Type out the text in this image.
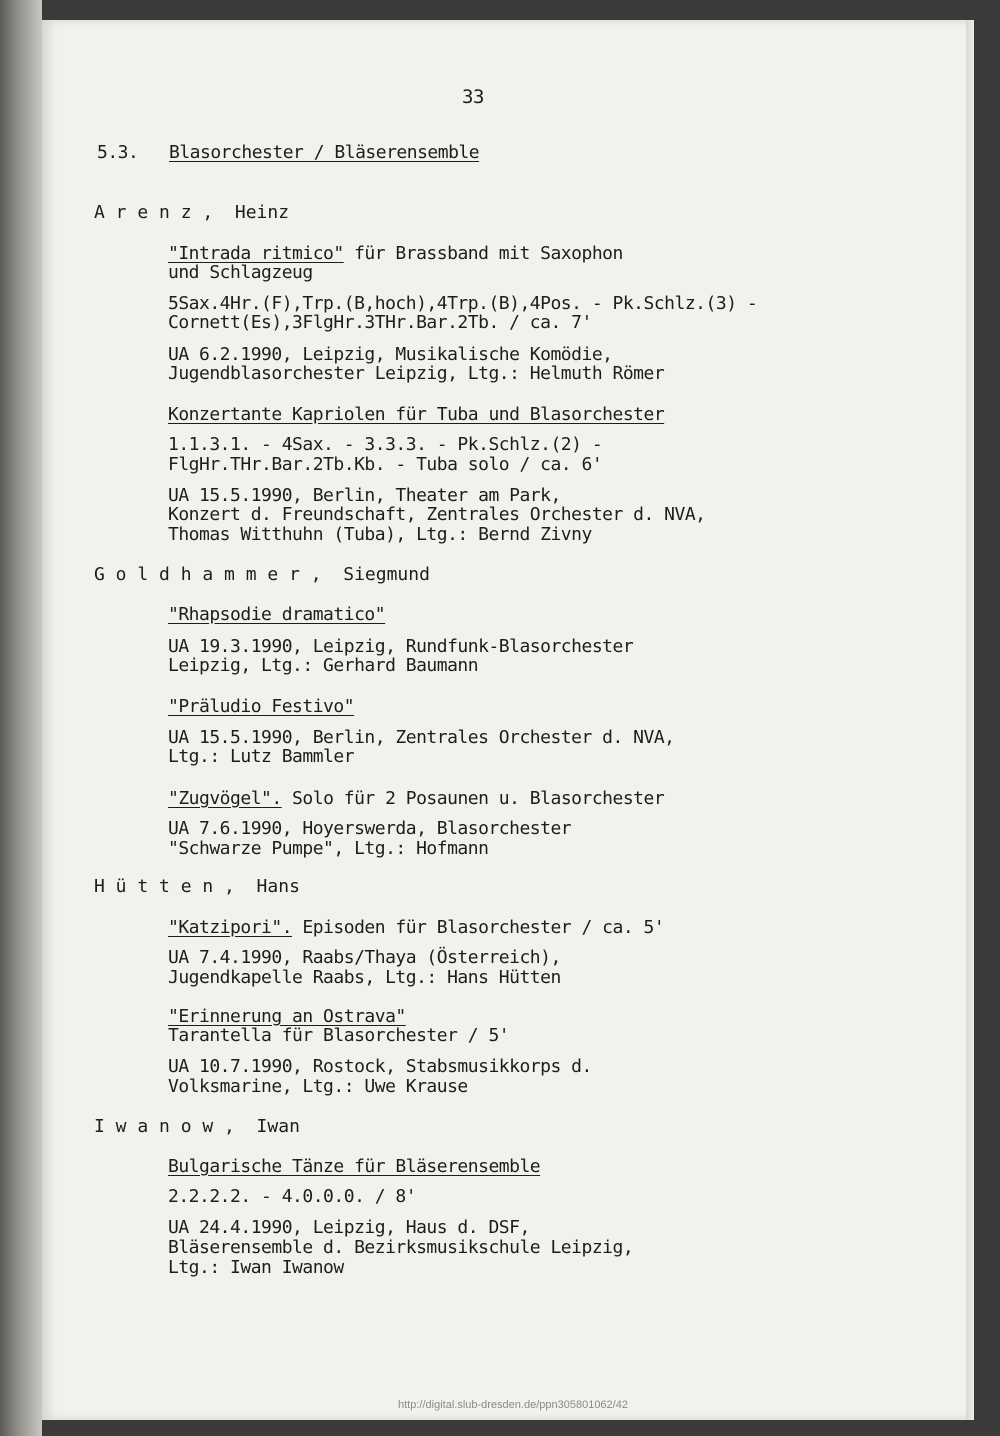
33
5.3. Blasorchester / Bläserensemble
A r e n z ,  Heinz
"Intrada ritmico" für Brassband mit Saxophon
und Schlagzeug
5Sax.4Hr.(F),Trp.(B,hoch),4Trp.(B),4Pos. - Pk.Schlz.(3) -
Cornett(Es),3FlgHr.3THr.Bar.2Tb. / ca. 7'
UA 6.2.1990, Leipzig, Musikalische Komödie,
Jugendblasorchester Leipzig, Ltg.: Helmuth Römer
Konzertante Kapriolen für Tuba und Blasorchester
1.1.3.1. - 4Sax. - 3.3.3. - Pk.Schlz.(2) -
FlgHr.THr.Bar.2Tb.Kb. - Tuba solo / ca. 6'
UA 15.5.1990, Berlin, Theater am Park,
Konzert d. Freundschaft, Zentrales Orchester d. NVA,
Thomas Witthuhn (Tuba), Ltg.: Bernd Zivny
G o l d h a m m e r ,  Siegmund
"Rhapsodie dramatico"
UA 19.3.1990, Leipzig, Rundfunk-Blasorchester
Leipzig, Ltg.: Gerhard Baumann
"Präludio Festivo"
UA 15.5.1990, Berlin, Zentrales Orchester d. NVA,
Ltg.: Lutz Bammler
"Zugvögel". Solo für 2 Posaunen u. Blasorchester
UA 7.6.1990, Hoyerswerda, Blasorchester
"Schwarze Pumpe", Ltg.: Hofmann
H ü t t e n ,  Hans
"Katzipori". Episoden für Blasorchester / ca. 5'
UA 7.4.1990, Raabs/Thaya (Österreich),
Jugendkapelle Raabs, Ltg.: Hans Hütten
"Erinnerung an Ostrava"
Tarantella für Blasorchester / 5'
UA 10.7.1990, Rostock, Stabsmusikkorps d.
Volksmarine, Ltg.: Uwe Krause
I w a n o w ,  Iwan
Bulgarische Tänze für Bläserensemble
2.2.2.2. - 4.0.0.0. / 8'
UA 24.4.1990, Leipzig, Haus d. DSF,
Bläserensemble d. Bezirksmusikschule Leipzig,
Ltg.: Iwan Iwanow
http://digital.slub-dresden.de/ppn305801062/42
